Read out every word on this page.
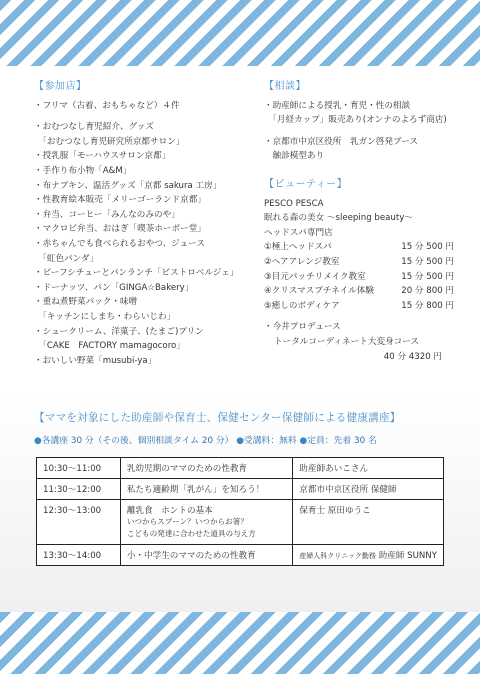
【参加店】
・フリマ（古着、おもちゃなど）４件
・おむつなし育児紹介、グッズ
　「おむつなし育児研究所京都サロン」
・授乳服「モーハウスサロン京都」
・手作り布小物「A&M」
・布ナプキン、温活グッズ「京都 sakura 工房」
・性教育絵本販売「メリーゴーランド京都」
・弁当、コーヒー「みんなのみのや」
・マクロビ弁当、おはぎ「喫茶ホーボー堂」
・赤ちゃんでも食べられるおやつ、ジュース
　「虹色パンダ」
・ビーフシチューとパンランチ「ビストロベルジェ」
・ドーナッツ、パン「GINGA☆Bakery」
・重ね煮野菜パック・味噌
　「キッチンにしまち・わらいじわ」
・シュークリーム、洋菓子、(たまご)プリン
　「CAKE　FACTORY mamagocoro」
・おいしい野菜「musubi-ya」
【相談】
・助産師による授乳・育児・性の相談
　「月経カップ」販売あり(オンナのよろず商店)
・京都市中京区役所　乳ガン啓発ブース
　触診模型あり
【ビューティー】
PESCO PESCA
眠れる森の美女 〜sleeping beauty〜
ヘッドスパ専門店
①極上ヘッドスパ	15 分 500 円
②ヘアアレンジ教室	15 分 500 円
③目元パッチリメイク教室	15 分 500 円
④クリスマスプチネイル体験	20 分 800 円
⑤癒しのボディケア	15 分 800 円
・今井プロデュース
トータルコーディネート大変身コース
40 分 4320 円
【ママを対象にした助産師や保育士、保健センター保健師による健康講座】
●各講座 30 分（その後、個別相談タイム 20 分） ●受講料：無料 ●定員：先着 30 名
10:30〜11:00	乳幼児期のママのための性教育	助産師あいこさん
11:30〜12:00	私たち適齢期「乳がん」を知ろう！	京都市中京区役所 保健師
12:30〜13:00	離乳食　ホントの基本
いつからスプーン？いつからお箸？
こどもの発達に合わせた道具の与え方	保育士 原田ゆうこ
13:30〜14:00	小・中学生のママのための性教育	産婦人科クリニック勤務 助産師 SUNNY
